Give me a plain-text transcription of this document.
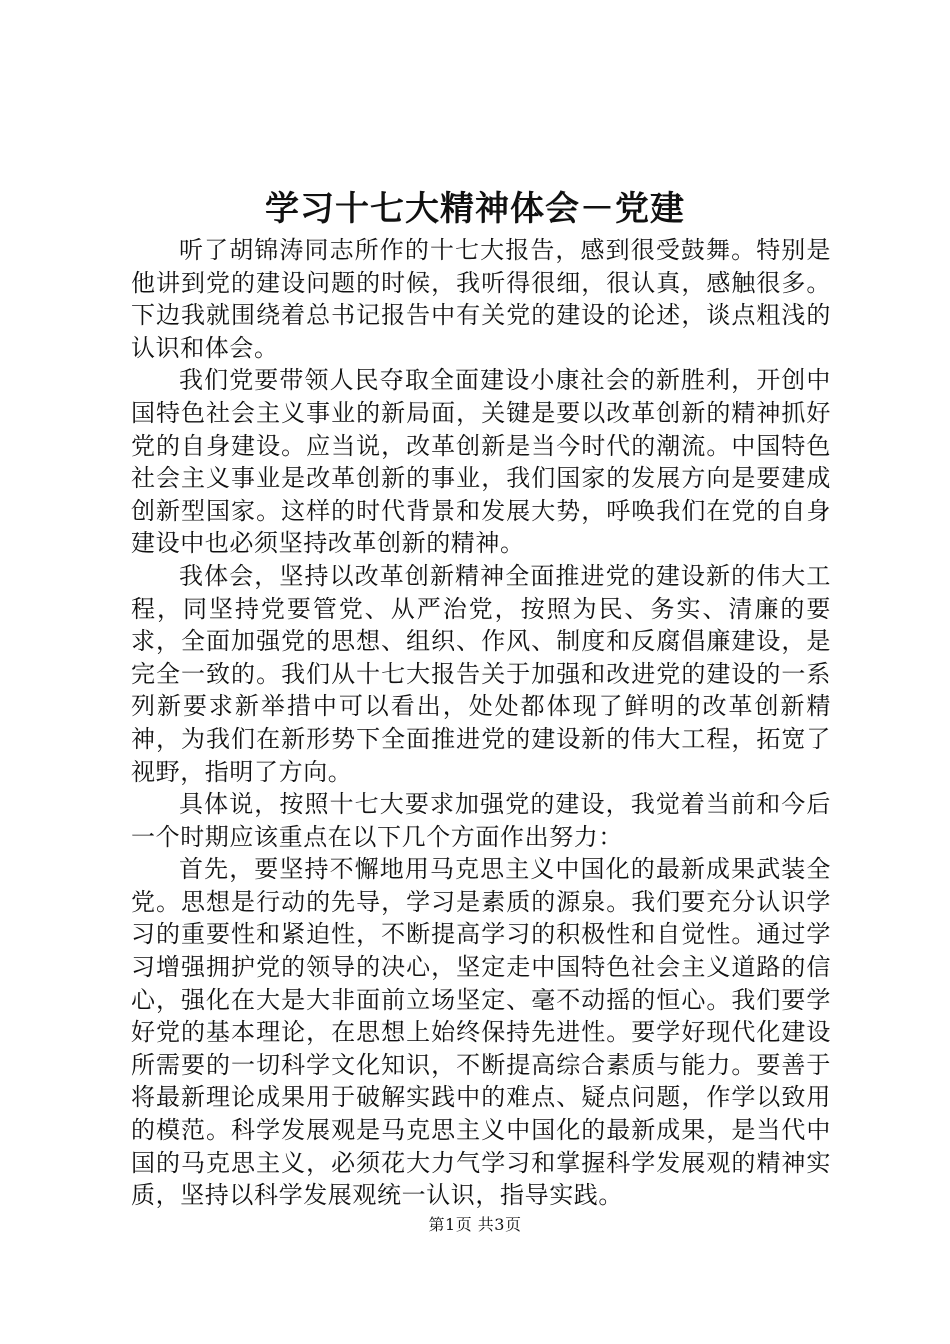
学习十七大精神体会－党建

听了胡锦涛同志所作的十七大报告，感到很受鼓舞。特别是他讲到党的建设问题的时候，我听得很细，很认真，感触很多。下边我就围绕着总书记报告中有关党的建设的论述，谈点粗浅的认识和体会。

我们党要带领人民夺取全面建设小康社会的新胜利，开创中国特色社会主义事业的新局面，关键是要以改革创新的精神抓好党的自身建设。应当说，改革创新是当今时代的潮流。中国特色社会主义事业是改革创新的事业，我们国家的发展方向是要建成创新型国家。这样的时代背景和发展大势，呼唤我们在党的自身建设中也必须坚持改革创新的精神。

我体会，坚持以改革创新精神全面推进党的建设新的伟大工程，同坚持党要管党、从严治党，按照为民、务实、清廉的要求，全面加强党的思想、组织、作风、制度和反腐倡廉建设，是完全一致的。我们从十七大报告关于加强和改进党的建设的一系列新要求新举措中可以看出，处处都体现了鲜明的改革创新精神，为我们在新形势下全面推进党的建设新的伟大工程，拓宽了视野，指明了方向。

具体说，按照十七大要求加强党的建设，我觉着当前和今后一个时期应该重点在以下几个方面作出努力：

首先，要坚持不懈地用马克思主义中国化的最新成果武装全党。思想是行动的先导，学习是素质的源泉。我们要充分认识学习的重要性和紧迫性，不断提高学习的积极性和自觉性。通过学习增强拥护党的领导的决心，坚定走中国特色社会主义道路的信心，强化在大是大非面前立场坚定、毫不动摇的恒心。我们要学好党的基本理论，在思想上始终保持先进性。要学好现代化建设所需要的一切科学文化知识，不断提高综合素质与能力。要善于将最新理论成果用于破解实践中的难点、疑点问题，作学以致用的模范。科学发展观是马克思主义中国化的最新成果，是当代中国的马克思主义，必须花大力气学习和掌握科学发展观的精神实质，坚持以科学发展观统一认识，指导实践。

第1页 共3页
